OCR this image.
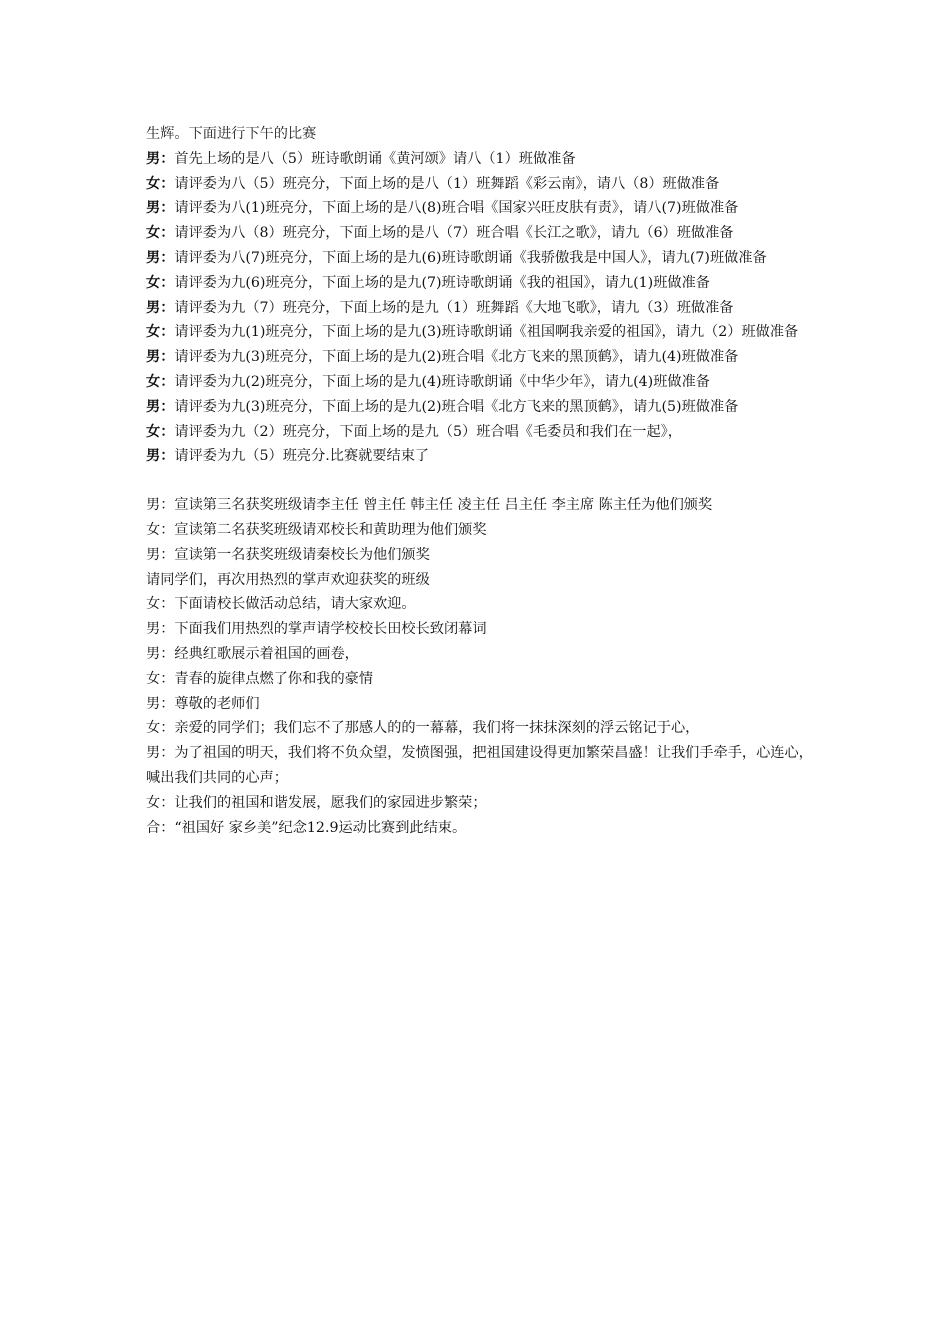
生辉。下面进行下午的比赛

男：首先上场的是八（5）班诗歌朗诵《黄河颂》请八（1）班做准备

女：请评委为八（5）班亮分，下面上场的是八（1）班舞蹈《彩云南》，请八（8）班做准备

男：请评委为八(1)班亮分，下面上场的是八(8)班合唱《国家兴旺皮肤有责》，请八(7)班做准备

女：请评委为八（8）班亮分，下面上场的是八（7）班合唱《长江之歌》，请九（6）班做准备

男：请评委为八(7)班亮分，下面上场的是九(6)班诗歌朗诵《我骄傲我是中国人》，请九(7)班做准备

女：请评委为九(6)班亮分，下面上场的是九(7)班诗歌朗诵《我的祖国》，请九(1)班做准备

男：请评委为九（7）班亮分，下面上场的是九（1）班舞蹈《大地飞歌》，请九（3）班做准备

女：请评委为九(1)班亮分，下面上场的是九(3)班诗歌朗诵《祖国啊我亲爱的祖国》，请九（2）班做准备

男：请评委为九(3)班亮分，下面上场的是九(2)班合唱《北方飞来的黑顶鹤》，请九(4)班做准备

女：请评委为九(2)班亮分，下面上场的是九(4)班诗歌朗诵《中华少年》，请九(4)班做准备

男：请评委为九(3)班亮分，下面上场的是九(2)班合唱《北方飞来的黑顶鹤》，请九(5)班做准备

女：请评委为九（2）班亮分，下面上场的是九（5）班合唱《毛委员和我们在一起》，

男：请评委为九（5）班亮分.比赛就要结束了

男：宣读第三名获奖班级请李主任 曾主任 韩主任 凌主任 吕主任 李主席 陈主任为他们颁奖

女：宣读第二名获奖班级请邓校长和黄助理为他们颁奖

男：宣读第一名获奖班级请秦校长为他们颁奖

请同学们，再次用热烈的掌声欢迎获奖的班级

女：下面请校长做活动总结，请大家欢迎。

男：下面我们用热烈的掌声请学校校长田校长致闭幕词

男：经典红歌展示着祖国的画卷，

女：青春的旋律点燃了你和我的豪情

男：尊敬的老师们

女：亲爱的同学们；我们忘不了那感人的的一幕幕，我们将一抹抹深刻的浮云铭记于心，

男：为了祖国的明天，我们将不负众望，发愤图强，把祖国建设得更加繁荣昌盛！让我们手牵手，心连心，喊出我们共同的心声；

女：让我们的祖国和谐发展，愿我们的家园进步繁荣；

合：“祖国好 家乡美”纪念12.9运动比赛到此结束。
